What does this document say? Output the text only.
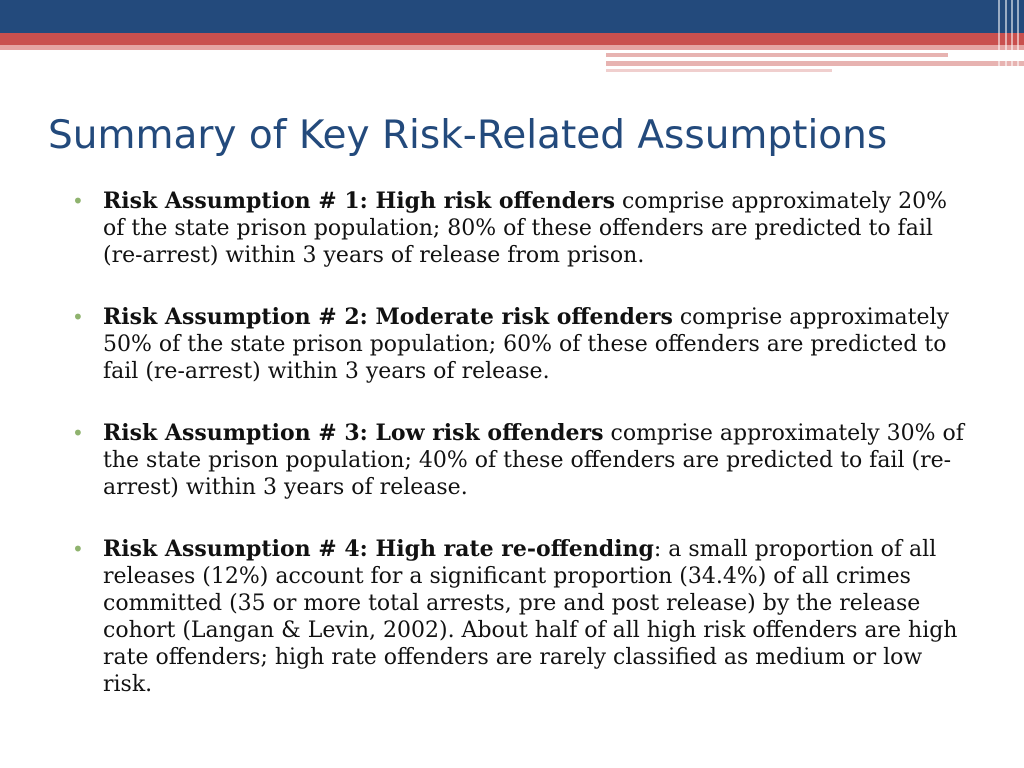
Summary of Key Risk-Related Assumptions
• Risk Assumption # 1: High risk offenders comprise approximately 20% of the state prison population; 80% of these offenders are predicted to fail (re-arrest) within 3 years of release from prison.
• Risk Assumption # 2: Moderate risk offenders comprise approximately 50% of the state prison population; 60% of these offenders are predicted to fail (re-arrest) within 3 years of release.
• Risk Assumption # 3: Low risk offenders comprise approximately 30% of the state prison population; 40% of these offenders are predicted to fail (re-arrest) within 3 years of release.
• Risk Assumption # 4: High rate re-offending: a small proportion of all releases (12%) account for a significant proportion (34.4%) of all crimes committed (35 or more total arrests, pre and post release) by the release cohort (Langan & Levin, 2002). About half of all high risk offenders are high rate offenders; high rate offenders are rarely classified as medium or low risk.
